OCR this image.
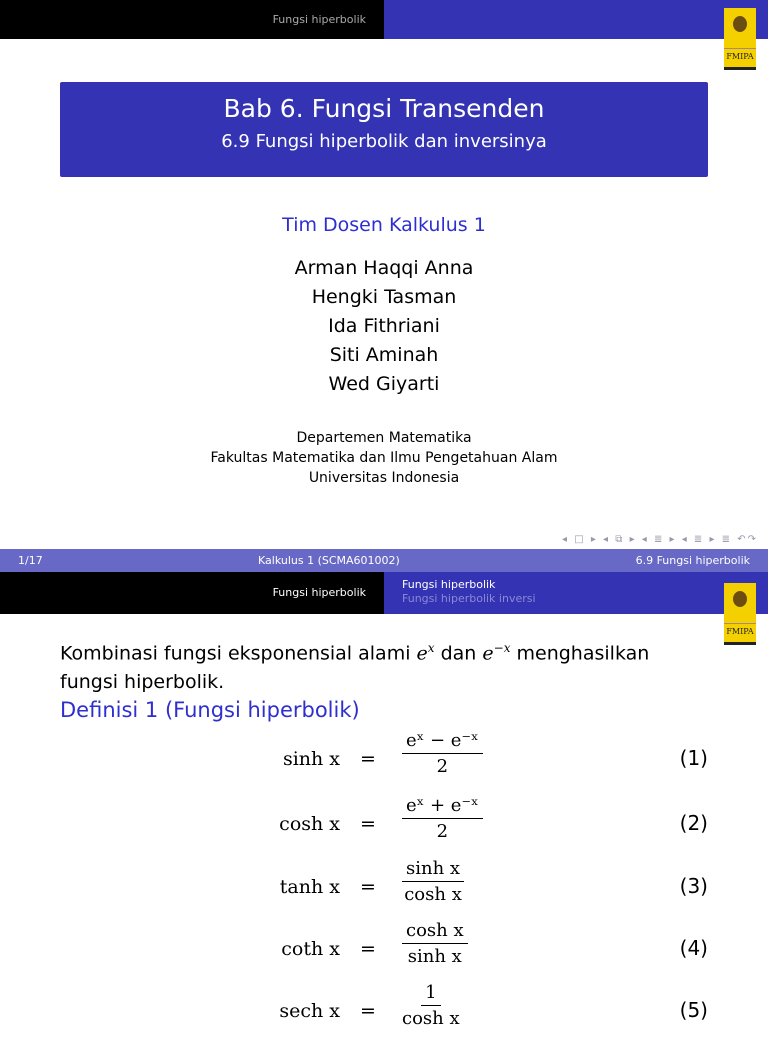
Fungsi hiperbolik
FMIPA
Bab 6. Fungsi Transenden
6.9 Fungsi hiperbolik dan inversinya
Tim Dosen Kalkulus 1
Arman Haqqi Anna
Hengki Tasman
Ida Fithriani
Siti Aminah
Wed Giyarti
Departemen Matematika
Fakultas Matematika dan Ilmu Pengetahuan Alam
Universitas Indonesia
◂ □ ▸ ◂ ⧉ ▸ ◂ ≣ ▸ ◂ ≣ ▸ ≣ ↶↷
1/17	Kalkulus 1 (SCMA601002)	6.9 Fungsi hiperbolik
Fungsi hiperbolik
Fungsi hiperbolik
Fungsi hiperbolik inversi
FMIPA
Kombinasi fungsi eksponensial alami $e^x$ dan $e^{-x}$ menghasilkan
fungsi hiperbolik.
Definisi 1 (Fungsi hiperbolik)
$\sinh x = \frac{\text{eˣ − e⁻ˣ}}{2}$	(1)
$\cosh x = \frac{\text{eˣ + e⁻ˣ}}{2}$	(2)
$\tanh x = \frac{\text{sinh x}}{\text{cosh x}}$	(3)
coth $x = \frac{\text{cosh x}}{\text{sinh x}}$	(4)
sech $x = \frac{1}{\text{cosh x}}$	(5)
